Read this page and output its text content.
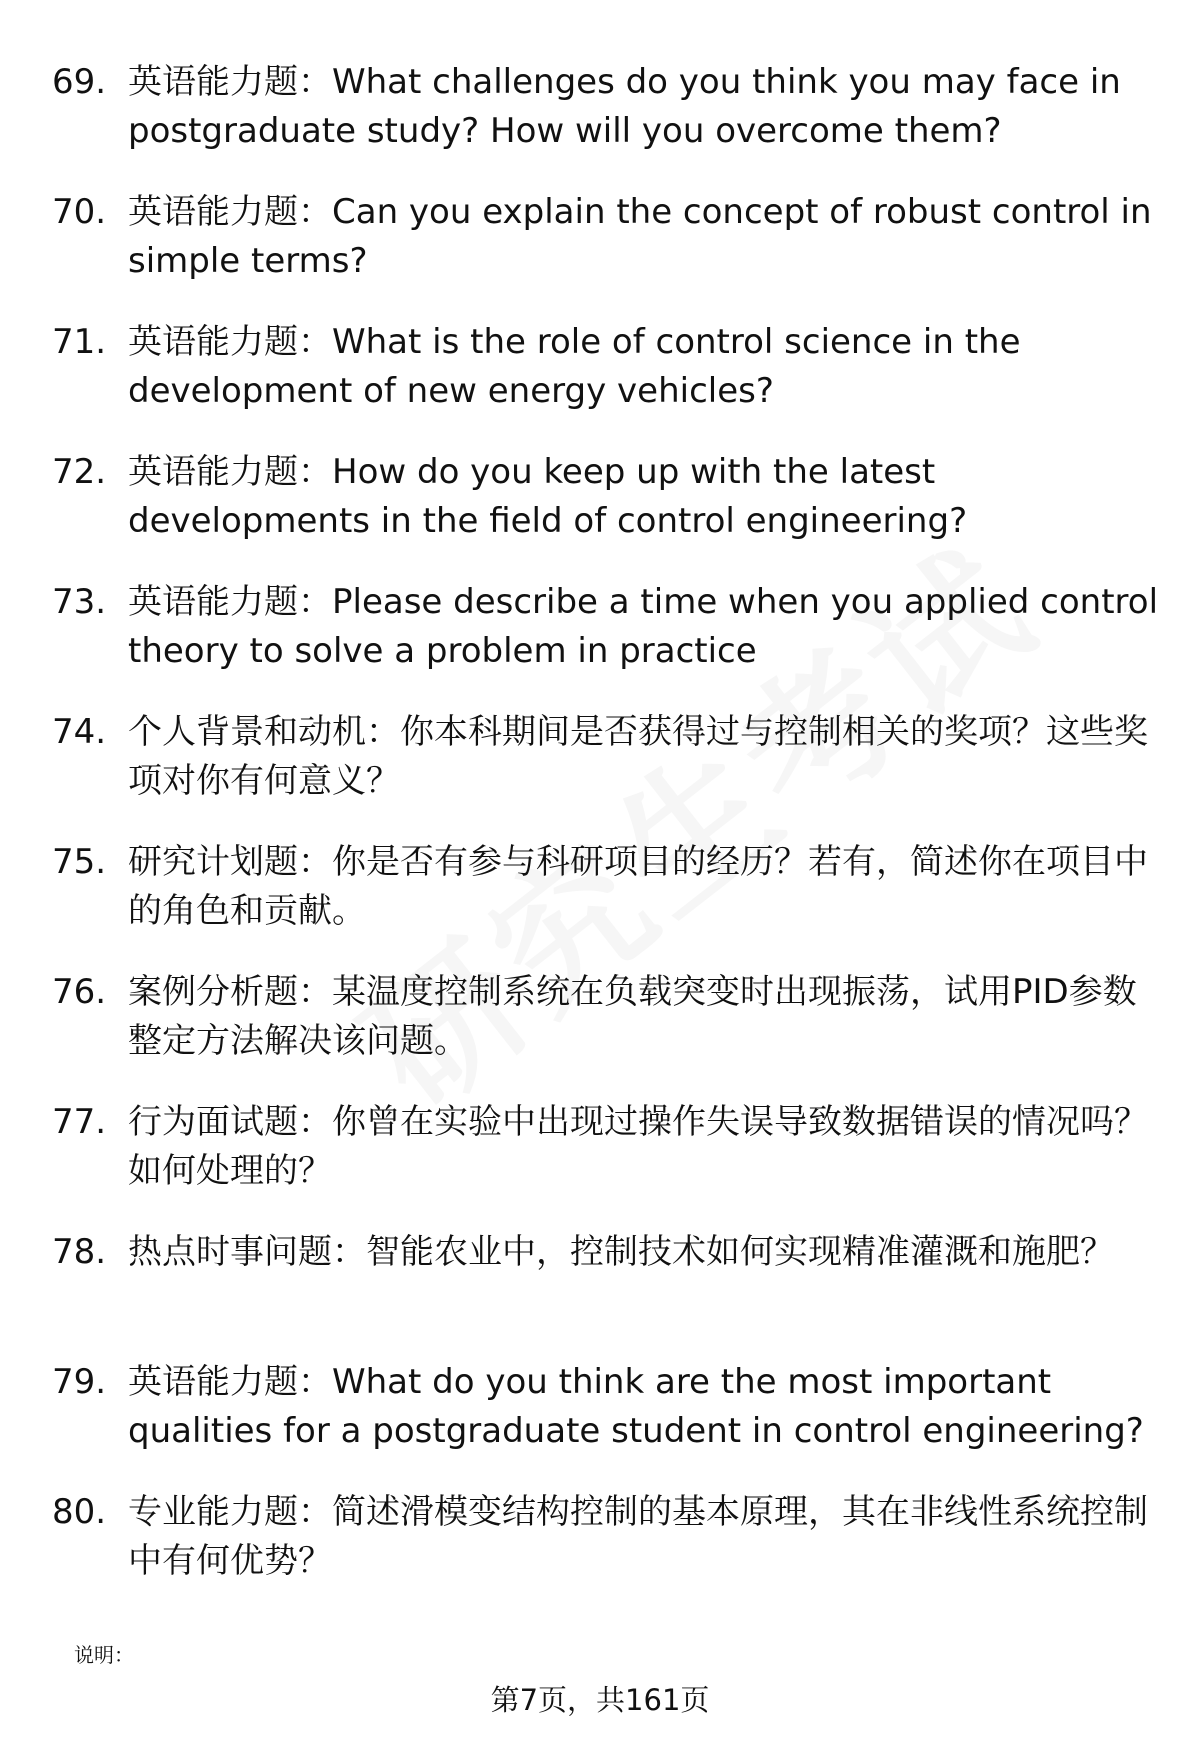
69. 英语能力题：What challenges do you think you may face in postgraduate study? How will you overcome them?
70. 英语能力题：Can you explain the concept of robust control in simple terms?
71. 英语能力题：What is the role of control science in the development of new energy vehicles?
72. 英语能力题：How do you keep up with the latest developments in the field of control engineering?
73. 英语能力题：Please describe a time when you applied control theory to solve a problem in practice
74. 个人背景和动机：你本科期间是否获得过与控制相关的奖项？这些奖项对你有何意义？
75. 研究计划题：你是否有参与科研项目的经历？若有，简述你在项目中的角色和贡献。
76. 案例分析题：某温度控制系统在负载突变时出现振荡，试用PID参数整定方法解决该问题。
77. 行为面试题：你曾在实验中出现过操作失误导致数据错误的情况吗？如何处理的？
78. 热点时事问题：智能农业中，控制技术如何实现精准灌溉和施肥？
79. 英语能力题：What do you think are the most important qualities for a postgraduate student in control engineering?
80. 专业能力题：简述滑模变结构控制的基本原理，其在非线性系统控制中有何优势？
说明：
第7页，共161页
